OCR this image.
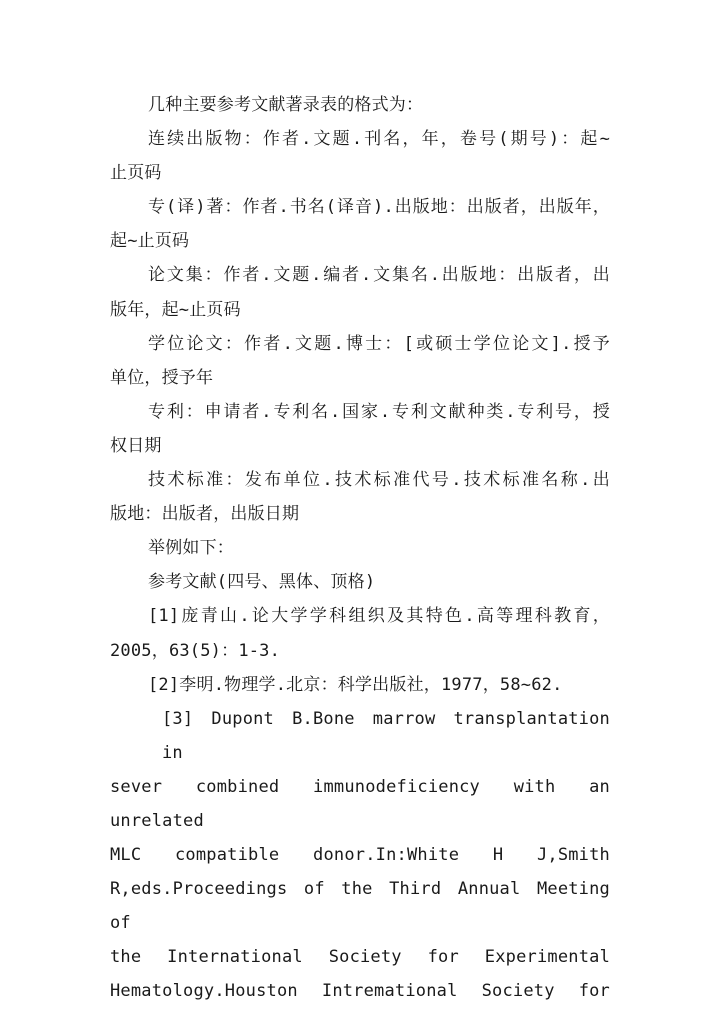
几种主要参考文献著录表的格式为：
连续出版物：作者.文题.刊名，年，卷号(期号)：起~
止页码
专(译)著：作者.书名(译音).出版地：出版者，出版年，
起~止页码
论文集：作者.文题.编者.文集名.出版地：出版者，出
版年，起~止页码
学位论文：作者.文题.博士：[或硕士学位论文].授予
单位，授予年
专利：申请者.专利名.国家.专利文献种类.专利号，授
权日期
技术标准：发布单位.技术标准代号.技术标准名称.出
版地：出版者，出版日期
举例如下：
参考文献(四号、黑体、顶格)
[1]庞青山.论大学学科组织及其特色.高等理科教育，
2005，63(5)：1-3.
[2]李明.物理学.北京：科学出版社，1977，58~62.
[3] Dupont B.Bone marrow transplantation in
sever combined immunodeficiency with an unrelated
MLC compatible donor.In:White H J,Smith
R,eds.Proceedings of the Third Annual Meeting of
the International Society for Experimental
Hematology.Houston Intremational Society for
